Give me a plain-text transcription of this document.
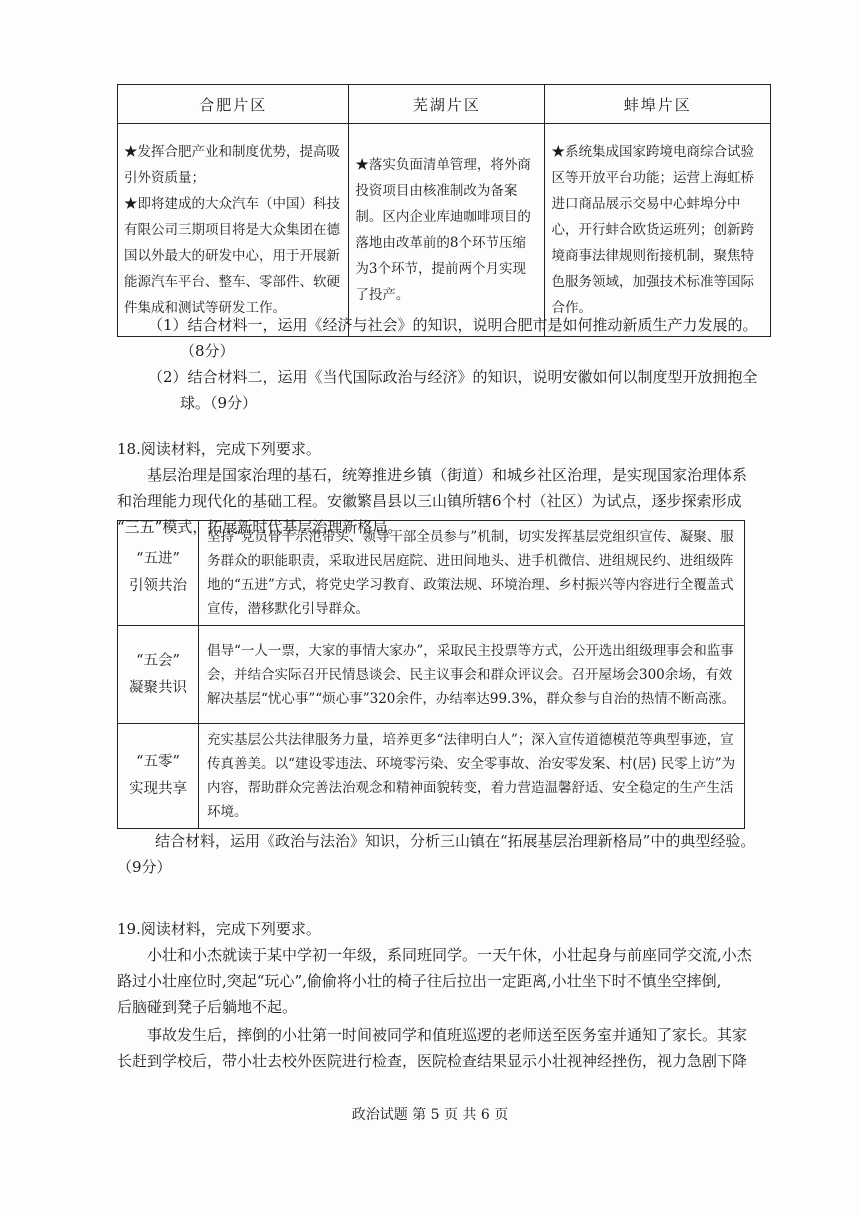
合肥片区	芜湖片区	蚌埠片区

★发挥合肥产业和制度优势，提高吸引外资质量；

★即将建成的大众汽车（中国）科技有限公司三期项目将是大众集团在德国以外最大的研发中心，用于开展新能源汽车平台、整车、零部件、软硬件集成和测试等研发工作。	★落实负面清单管理，将外商投资项目由核准制改为备案制。区内企业库迪咖啡项目的落地由改革前的8个环节压缩为3个环节，提前两个月实现了投产。	★系统集成国家跨境电商综合试验区等开放平台功能；运营上海虹桥进口商品展示交易中心蚌埠分中心，开行蚌合欧货运班列；创新跨境商事法律规则衔接机制，聚焦特色服务领域，加强技术标准等国际合作。

（1）结合材料一，运用《经济与社会》的知识，说明合肥市是如何推动新质生产力发展的。

（8分）

（2）结合材料二，运用《当代国际政治与经济》的知识，说明安徽如何以制度型开放拥抱全

球。（9分）

18.阅读材料，完成下列要求。

基层治理是国家治理的基石，统筹推进乡镇（街道）和城乡社区治理，是实现国家治理体系

和治理能力现代化的基础工程。安徽繁昌县以三山镇所辖6个村（社区）为试点，逐步探索形成

“三五”模式，拓展新时代基层治理新格局。

“五进”

引领共治	坚持“党员骨干示范带头、领导干部全员参与”机制，切实发挥基层党组织宣传、凝聚、服务群众的职能职责，采取进民居庭院、进田间地头、进手机微信、进组规民约、进组级阵地的“五进”方式，将党史学习教育、政策法规、环境治理、乡村振兴等内容进行全覆盖式宣传，潜移默化引导群众。

“五会”

凝聚共识	倡导“一人一票，大家的事情大家办”，采取民主投票等方式，公开选出组级理事会和监事会，并结合实际召开民情恳谈会、民主议事会和群众评议会。召开屋场会300余场，有效解决基层“忧心事”“烦心事”320余件，办结率达99.3%，群众参与自治的热情不断高涨。

“五零”

实现共享	充实基层公共法律服务力量，培养更多“法律明白人”；深入宣传道德模范等典型事迹，宣传真善美。以“建设零违法、环境零污染、安全零事故、治安零发案、村(居) 民零上访”为内容，帮助群众完善法治观念和精神面貌转变，着力营造温馨舒适、安全稳定的生产生活环境。

结合材料，运用《政治与法治》知识，分析三山镇在“拓展基层治理新格局”中的典型经验。

（9分）

19.阅读材料，完成下列要求。

小壮和小杰就读于某中学初一年级，系同班同学。一天午休，小壮起身与前座同学交流,小杰

路过小壮座位时,突起“玩心”,偷偷将小壮的椅子往后拉出一定距离,小壮坐下时不慎坐空摔倒,

后脑碰到凳子后躺地不起。

事故发生后，摔倒的小壮第一时间被同学和值班巡逻的老师送至医务室并通知了家长。其家

长赶到学校后，带小壮去校外医院进行检查，医院检查结果显示小壮视神经挫伤，视力急剧下降

政治试题 第 5 页 共 6 页
